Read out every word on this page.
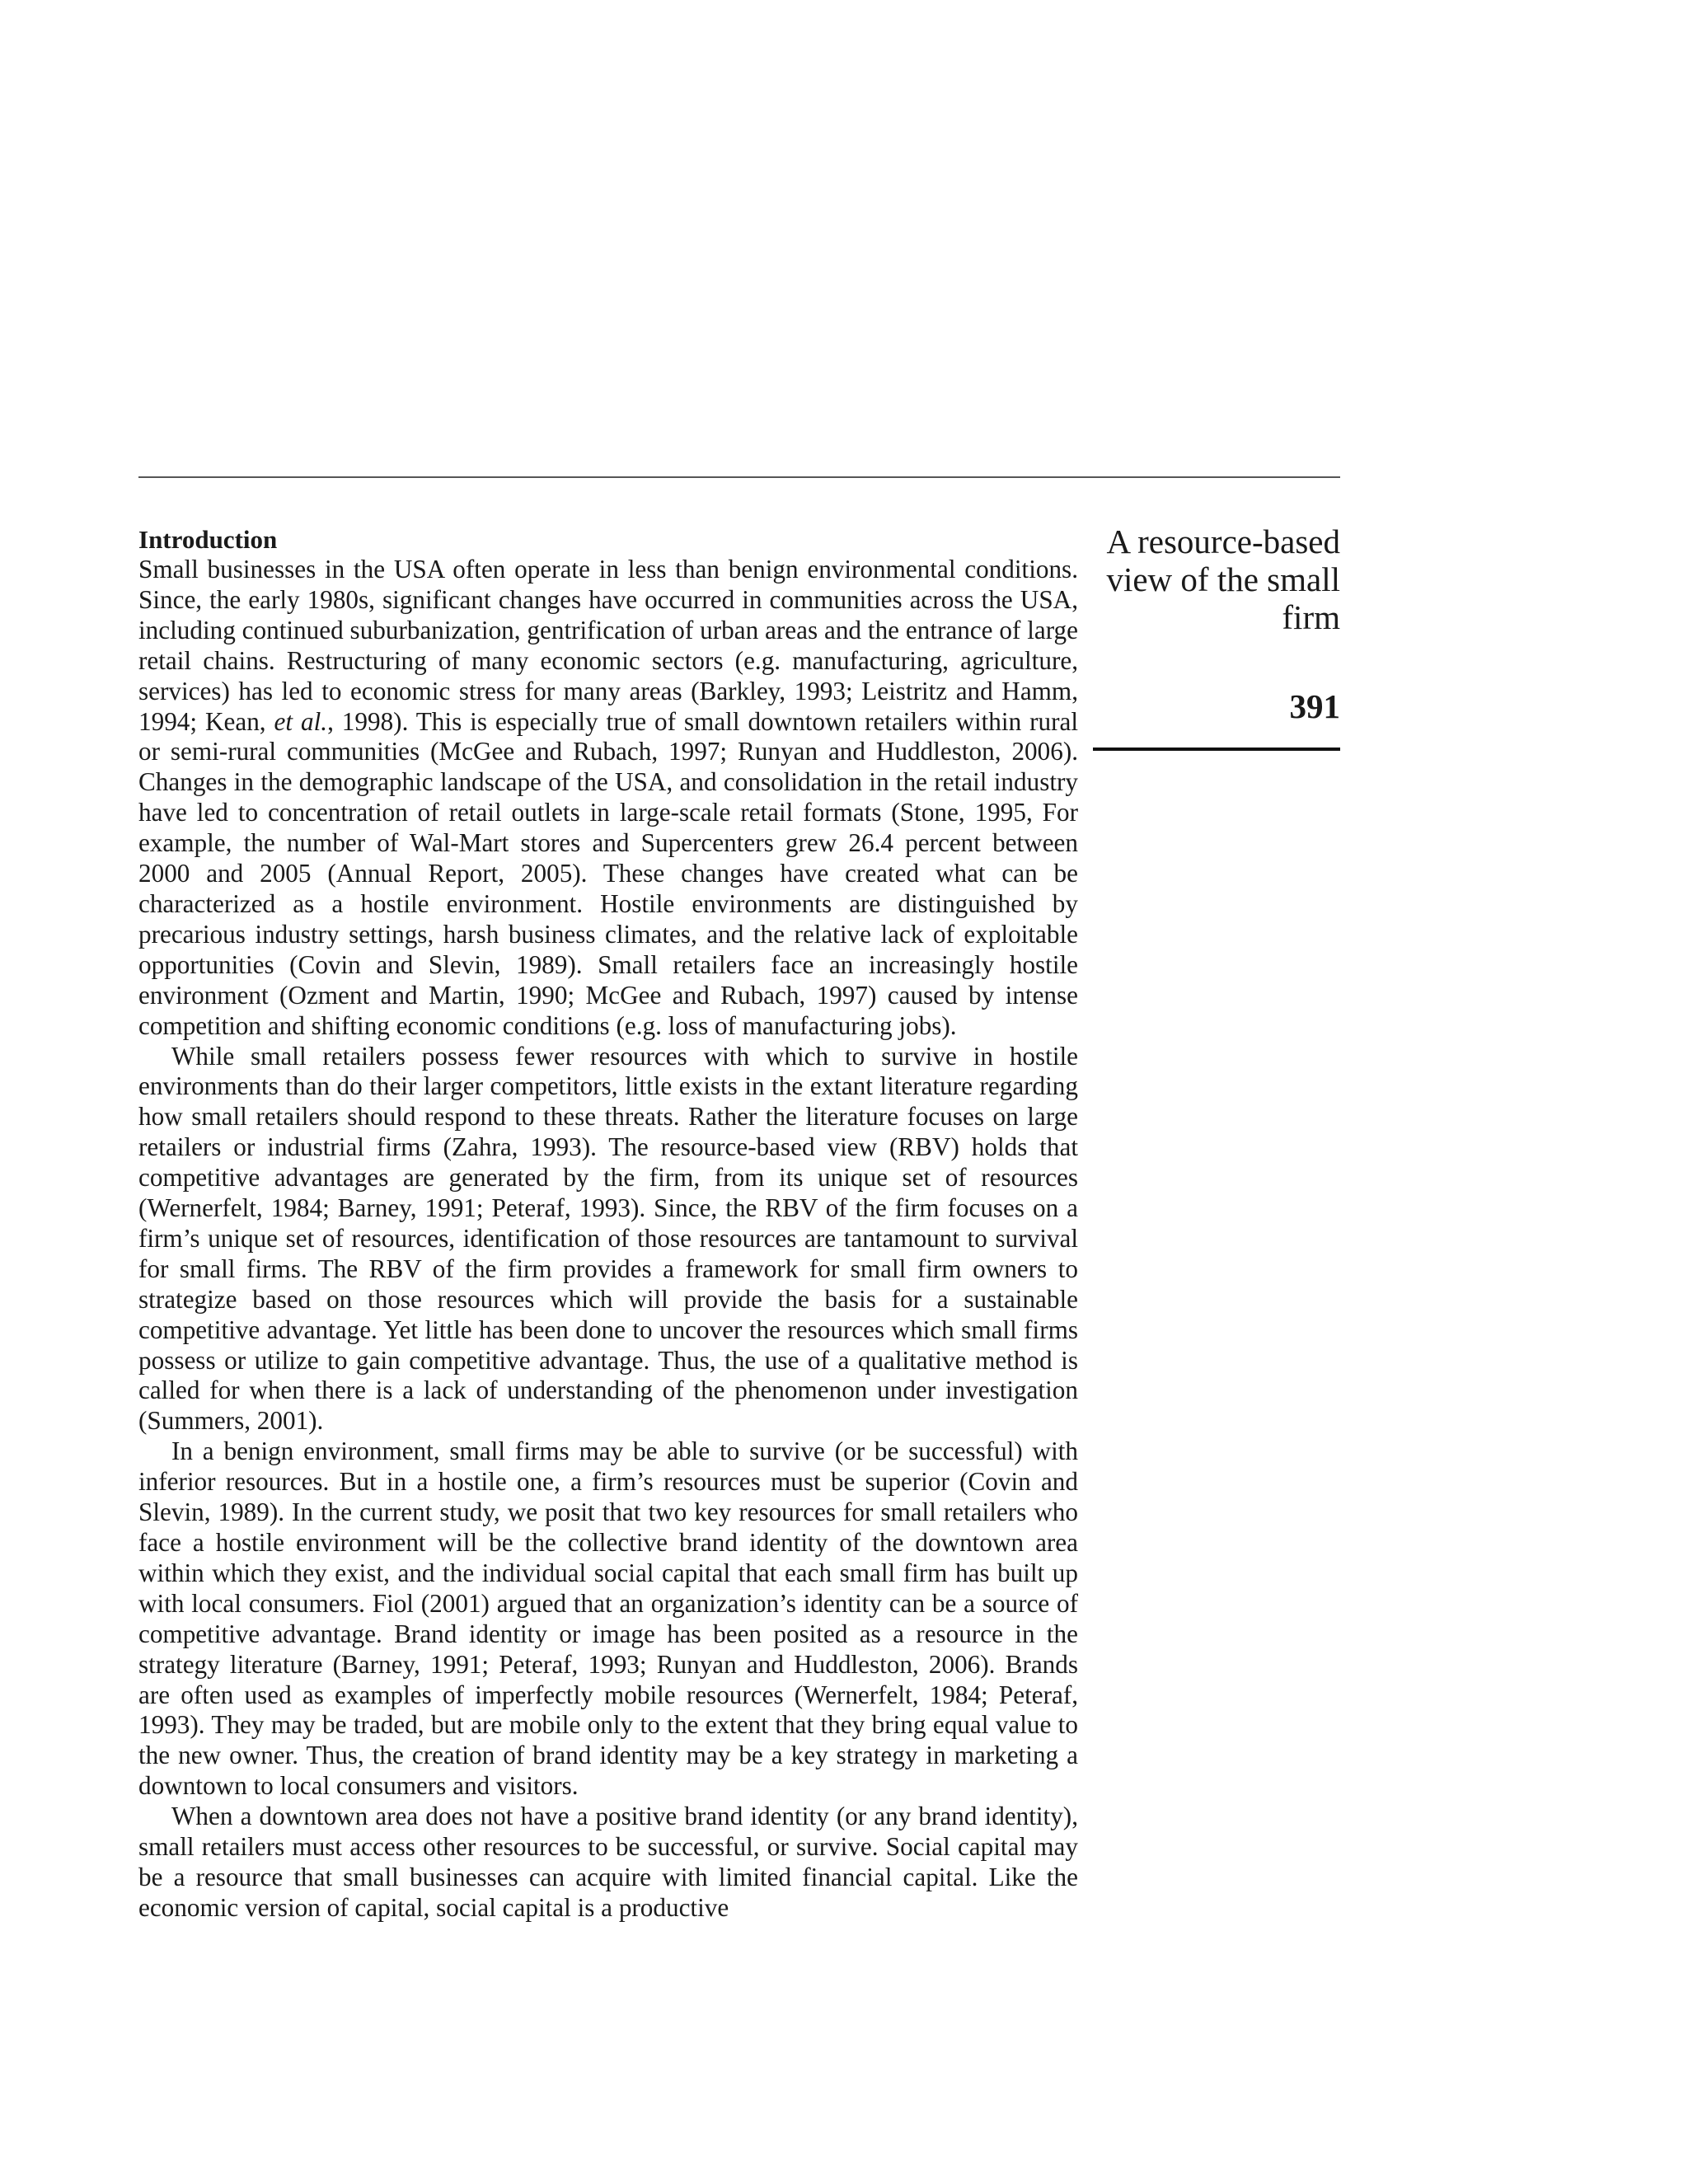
Introduction

Small businesses in the USA often operate in less than benign environmental conditions. Since, the early 1980s, significant changes have occurred in communities across the USA, including continued suburbanization, gentrification of urban areas and the entrance of large retail chains. Restructuring of many economic sectors (e.g. manufacturing, agriculture, services) has led to economic stress for many areas (Barkley, 1993; Leistritz and Hamm, 1994; Kean, et al., 1998). This is especially true of small downtown retailers within rural or semi-rural communities (McGee and Rubach, 1997; Runyan and Huddleston, 2006). Changes in the demographic landscape of the USA, and consolidation in the retail industry have led to concentration of retail outlets in large-scale retail formats (Stone, 1995, For example, the number of Wal-Mart stores and Supercenters grew 26.4 percent between 2000 and 2005 (Annual Report, 2005). These changes have created what can be characterized as a hostile environment. Hostile environments are distinguished by precarious industry settings, harsh business climates, and the relative lack of exploitable opportunities (Covin and Slevin, 1989). Small retailers face an increasingly hostile environment (Ozment and Martin, 1990; McGee and Rubach, 1997) caused by intense competition and shifting economic conditions (e.g. loss of manufacturing jobs).

While small retailers possess fewer resources with which to survive in hostile environments than do their larger competitors, little exists in the extant literature regarding how small retailers should respond to these threats. Rather the literature focuses on large retailers or industrial firms (Zahra, 1993). The resource-based view (RBV) holds that competitive advantages are generated by the firm, from its unique set of resources (Wernerfelt, 1984; Barney, 1991; Peteraf, 1993). Since, the RBV of the firm focuses on a firm’s unique set of resources, identification of those resources are tantamount to survival for small firms. The RBV of the firm provides a framework for small firm owners to strategize based on those resources which will provide the basis for a sustainable competitive advantage. Yet little has been done to uncover the resources which small firms possess or utilize to gain competitive advantage. Thus, the use of a qualitative method is called for when there is a lack of understanding of the phenomenon under investigation (Summers, 2001).

In a benign environment, small firms may be able to survive (or be successful) with inferior resources. But in a hostile one, a firm’s resources must be superior (Covin and Slevin, 1989). In the current study, we posit that two key resources for small retailers who face a hostile environment will be the collective brand identity of the downtown area within which they exist, and the individual social capital that each small firm has built up with local consumers. Fiol (2001) argued that an organization’s identity can be a source of competitive advantage. Brand identity or image has been posited as a resource in the strategy literature (Barney, 1991; Peteraf, 1993; Runyan and Huddleston, 2006). Brands are often used as examples of imperfectly mobile resources (Wernerfelt, 1984; Peteraf, 1993). They may be traded, but are mobile only to the extent that they bring equal value to the new owner. Thus, the creation of brand identity may be a key strategy in marketing a downtown to local consumers and visitors.

When a downtown area does not have a positive brand identity (or any brand identity), small retailers must access other resources to be successful, or survive. Social capital may be a resource that small businesses can acquire with limited financial capital. Like the economic version of capital, social capital is a productive

A resource-based view of the small firm
391
